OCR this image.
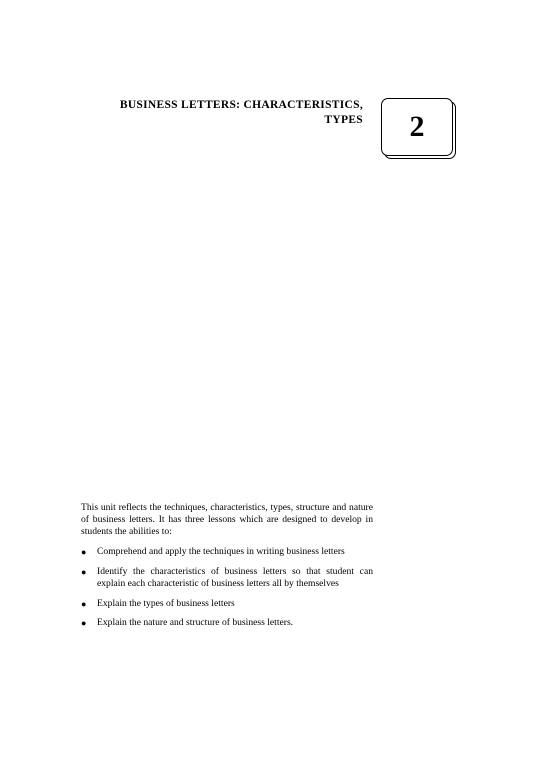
BUSINESS LETTERS: CHARACTERISTICS,
TYPES 2

This unit reflects the techniques, characteristics, types, structure and nature of business letters. It has three lessons which are designed to develop in students the abilities to:

●	Comprehend and apply the techniques in writing business letters
●	Identify the characteristics of business letters so that student can explain each characteristic of business letters all by themselves
●	Explain the types of business letters
●	Explain the nature and structure of business letters.
